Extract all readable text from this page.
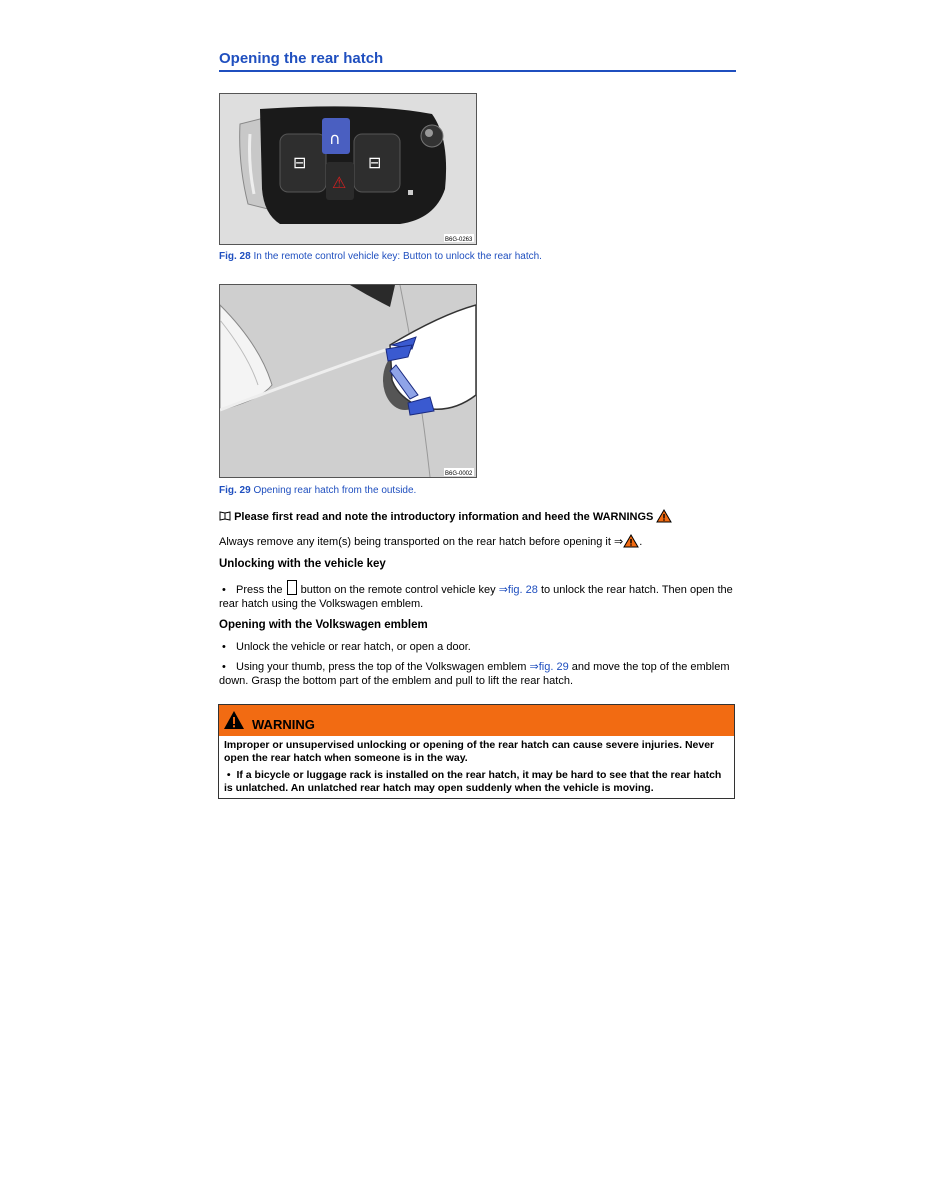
Opening the rear hatch
⊟	⊟
∩
⚠
B6G-0263
Fig. 28 In the remote control vehicle key: Button to unlock the rear hatch.
B6G-0002
Fig. 29 Opening rear hatch from the outside.
Please first read and note the introductory information and heed the WARNINGS
Always remove any item(s) being transported on the rear hatch before opening it ⇒ .
Unlocking with the vehicle key
• Press the  button on the remote control vehicle key ⇒fig. 28 to unlock the rear hatch. Then open the rear hatch using the Volkswagen emblem.
Opening with the Volkswagen emblem
• Unlock the vehicle or rear hatch, or open a door.
• Using your thumb, press the top of the Volkswagen emblem ⇒fig. 29 and move the top of the emblem down. Grasp the bottom part of the emblem and pull to lift the rear hatch.
WARNING

Improper or unsupervised unlocking or opening of the rear hatch can cause severe injuries. Never open the rear hatch when someone is in the way.

•  If a bicycle or luggage rack is installed on the rear hatch, it may be hard to see that the rear hatch is unlatched. An unlatched rear hatch may open suddenly when the vehicle is moving.
